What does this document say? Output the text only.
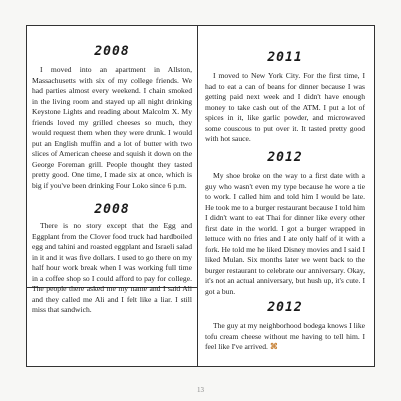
2008

I moved into an apartment in Allston, Massachusetts with six of my college friends. We had parties almost every weekend. I chain smoked in the living room and stayed up all night drinking Keystone Lights and reading about Malcolm X. My friends loved my grilled cheeses so much, they would request them when they were drunk. I would put an English muffin and a lot of butter with two slices of American cheese and squish it down on the George Foreman grill. People thought they tasted pretty good. One time, I made six at once, which is big if you've been drinking Four Loko since 6 p.m.

2008

There is no story except that the Egg and Eggplant from the Clover food truck had hardboiled egg and tahini and roasted eggplant and Israeli salad in it and it was five dollars. I used to go there on my half hour work break when I was working full time in a coffee shop so I could afford to pay for college. The people there asked me my name and I said Ali and they called me Ali and I felt like a liar. I still miss that sandwich.

2011

I moved to New York City. For the first time, I had to eat a can of beans for dinner because I was getting paid next week and I didn't have enough money to take cash out of the ATM. I put a lot of spices in it, like garlic powder, and microwaved some couscous to put over it. It tasted pretty good with hot sauce.

2012

My shoe broke on the way to a first date with a guy who wasn't even my type because he wore a tie to work. I called him and told him I would be late. He took me to a burger restaurant because I told him I didn't want to eat Thai for dinner like every other first date in the world. I got a burger wrapped in lettuce with no fries and I ate only half of it with a fork. He told me he liked Disney movies and I said I liked Mulan. Six months later we went back to the burger restaurant to celebrate our anniversary. Okay, it's not an actual anniversary, but hush up, it's cute. I got a bun.

2012

The guy at my neighborhood bodega knows I like tofu cream cheese without me having to tell him. I feel like I've arrived. ⌘

13
